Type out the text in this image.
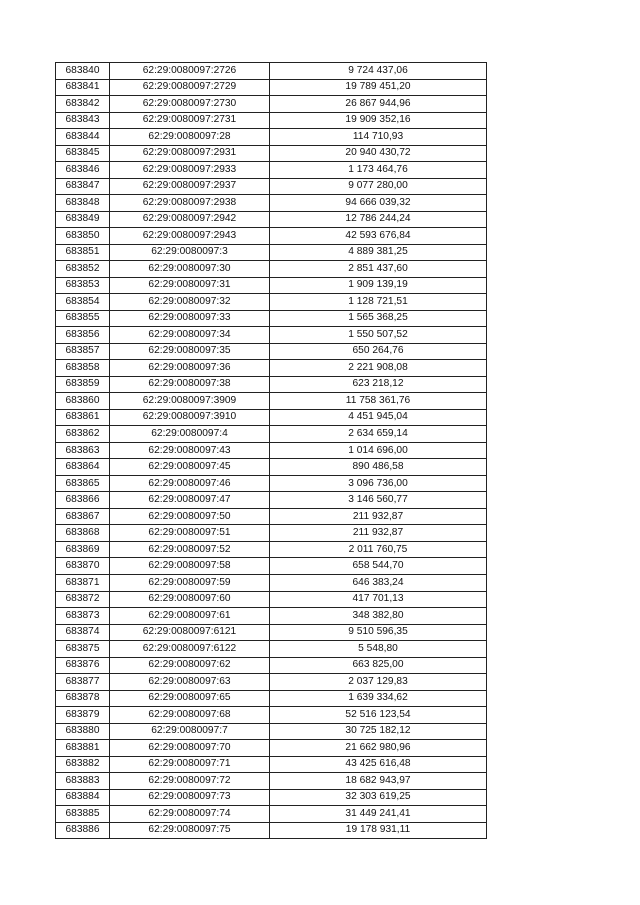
683840	62:29:0080097:2726	9 724 437,06
683841	62:29:0080097:2729	19 789 451,20
683842	62:29:0080097:2730	26 867 944,96
683843	62:29:0080097:2731	19 909 352,16
683844	62:29:0080097:28	114 710,93
683845	62:29:0080097:2931	20 940 430,72
683846	62:29:0080097:2933	1 173 464,76
683847	62:29:0080097:2937	9 077 280,00
683848	62:29:0080097:2938	94 666 039,32
683849	62:29:0080097:2942	12 786 244,24
683850	62:29:0080097:2943	42 593 676,84
683851	62:29:0080097:3	4 889 381,25
683852	62:29:0080097:30	2 851 437,60
683853	62:29:0080097:31	1 909 139,19
683854	62:29:0080097:32	1 128 721,51
683855	62:29:0080097:33	1 565 368,25
683856	62:29:0080097:34	1 550 507,52
683857	62:29:0080097:35	650 264,76
683858	62:29:0080097:36	2 221 908,08
683859	62:29:0080097:38	623 218,12
683860	62:29:0080097:3909	11 758 361,76
683861	62:29:0080097:3910	4 451 945,04
683862	62:29:0080097:4	2 634 659,14
683863	62:29:0080097:43	1 014 696,00
683864	62:29:0080097:45	890 486,58
683865	62:29:0080097:46	3 096 736,00
683866	62:29:0080097:47	3 146 560,77
683867	62:29:0080097:50	211 932,87
683868	62:29:0080097:51	211 932,87
683869	62:29:0080097:52	2 011 760,75
683870	62:29:0080097:58	658 544,70
683871	62:29:0080097:59	646 383,24
683872	62:29:0080097:60	417 701,13
683873	62:29:0080097:61	348 382,80
683874	62:29:0080097:6121	9 510 596,35
683875	62:29:0080097:6122	5 548,80
683876	62:29:0080097:62	663 825,00
683877	62:29:0080097:63	2 037 129,83
683878	62:29:0080097:65	1 639 334,62
683879	62:29:0080097:68	52 516 123,54
683880	62:29:0080097:7	30 725 182,12
683881	62:29:0080097:70	21 662 980,96
683882	62:29:0080097:71	43 425 616,48
683883	62:29:0080097:72	18 682 943,97
683884	62:29:0080097:73	32 303 619,25
683885	62:29:0080097:74	31 449 241,41
683886	62:29:0080097:75	19 178 931,11
